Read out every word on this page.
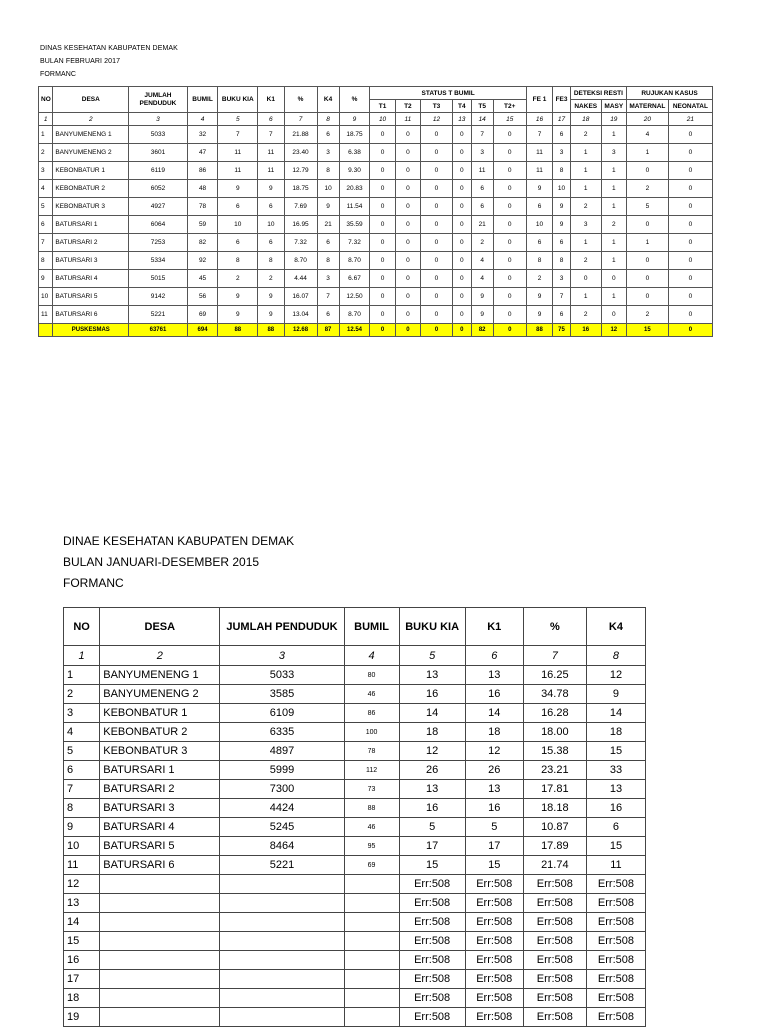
DINAS KESEHATAN KABUPATEN DEMAK
BULAN FEBRUARI 2017
FORMANC
NO	DESA	JUMLAH PENDUDUK	BUMIL	BUKU KIA	K1	%	K4	%	STATUS T BUMIL						FE 1	FE3	DETEKSI RESTI		RUJUKAN KASUS	
									T1	T2	T3	T4	T5	T2+			NAKES	MASY	MATERNAL	NEONATAL
1	2	3	4	5	6	7	8	9	10	11	12	13	14	15	16	17	18	19	20	21
1	BANYUMENENG 1	5033	32	7	7	21.88	6	18.75	0	0	0	0	7	0	7	6	2	1	4	0
2	BANYUMENENG 2	3601	47	11	11	23.40	3	6.38	0	0	0	0	3	0	11	3	1	3	1	0
3	KEBONBATUR 1	6119	86	11	11	12.79	8	9.30	0	0	0	0	11	0	11	8	1	1	0	0
4	KEBONBATUR 2	6052	48	9	9	18.75	10	20.83	0	0	0	0	6	0	9	10	1	1	2	0
5	KEBONBATUR 3	4927	78	6	6	7.69	9	11.54	0	0	0	0	6	0	6	9	2	1	5	0
6	BATURSARI 1	6064	59	10	10	16.95	21	35.59	0	0	0	0	21	0	10	9	3	2	0	0
7	BATURSARI 2	7253	82	6	6	7.32	6	7.32	0	0	0	0	2	0	6	6	1	1	1	0
8	BATURSARI 3	5334	92	8	8	8.70	8	8.70	0	0	0	0	4	0	8	8	2	1	0	0
9	BATURSARI 4	5015	45	2	2	4.44	3	6.67	0	0	0	0	4	0	2	3	0	0	0	0
10	BATURSARI 5	9142	56	9	9	16.07	7	12.50	0	0	0	0	9	0	9	7	1	1	0	0
11	BATURSARI 6	5221	69	9	9	13.04	6	8.70	0	0	0	0	9	0	9	6	2	0	2	0
	PUSKESMAS	63761	694	88	88	12.68	87	12.54	0	0	0	0	82	0	88	75	16	12	15	0
DINAE KESEHATAN KABUPATEN DEMAK
BULAN JANUARI-DESEMBER 2015
FORMANC
NO	DESA	JUMLAH PENDUDUK	BUMIL	BUKU KIA	K1	%	K4
1	2	3	4	5	6	7	8
1	BANYUMENENG 1	5033	80	13	13	16.25	12
2	BANYUMENENG 2	3585	46	16	16	34.78	9
3	KEBONBATUR 1	6109	86	14	14	16.28	14
4	KEBONBATUR 2	6335	100	18	18	18.00	18
5	KEBONBATUR 3	4897	78	12	12	15.38	15
6	BATURSARI 1	5999	112	26	26	23.21	33
7	BATURSARI 2	7300	73	13	13	17.81	13
8	BATURSARI 3	4424	88	16	16	18.18	16
9	BATURSARI 4	5245	46	5	5	10.87	6
10	BATURSARI 5	8464	95	17	17	17.89	15
11	BATURSARI 6	5221	69	15	15	21.74	11
12				Err:508	Err:508	Err:508	Err:508
13				Err:508	Err:508	Err:508	Err:508
14				Err:508	Err:508	Err:508	Err:508
15				Err:508	Err:508	Err:508	Err:508
16				Err:508	Err:508	Err:508	Err:508
17				Err:508	Err:508	Err:508	Err:508
18				Err:508	Err:508	Err:508	Err:508
19				Err:508	Err:508	Err:508	Err:508
